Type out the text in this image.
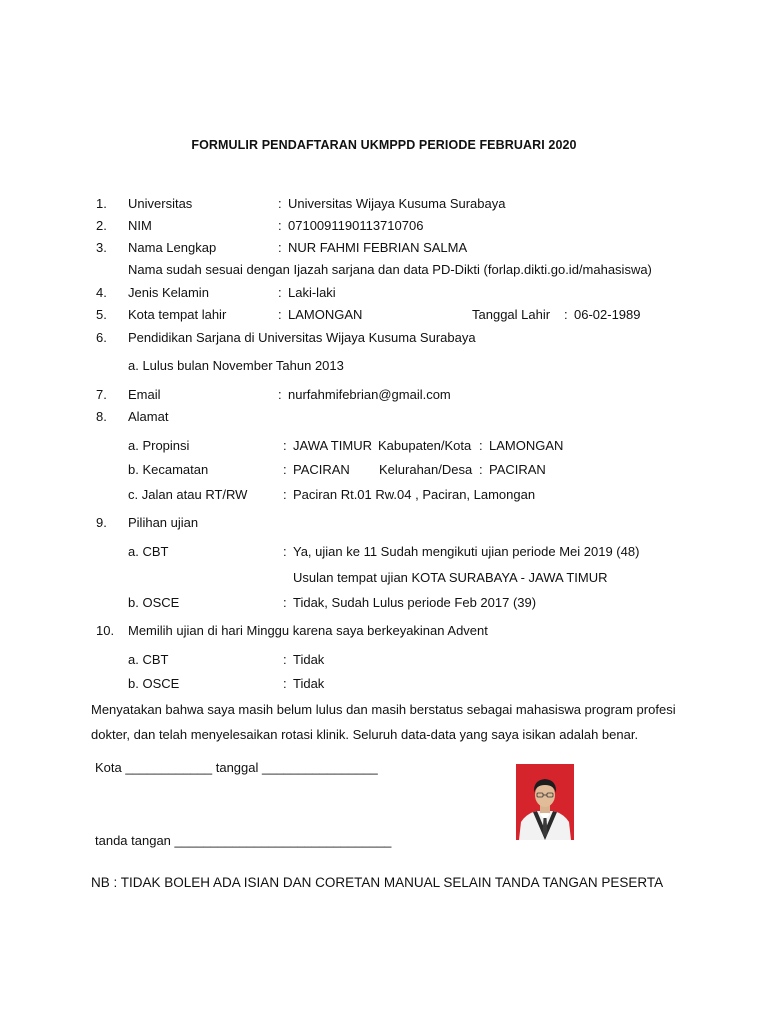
FORMULIR PENDAFTARAN UKMPPD PERIODE FEBRUARI 2020
1. Universitas	: Universitas Wijaya Kusuma Surabaya
2. NIM	: 0710091190113710706
3. Nama Lengkap	: NUR FAHMI FEBRIAN SALMA
Nama sudah sesuai dengan Ijazah sarjana dan data PD-Dikti (forlap.dikti.go.id/mahasiswa)
4. Jenis Kelamin	: Laki-laki
5. Kota tempat lahir	: LAMONGAN	Tanggal Lahir : 06-02-1989
6. Pendidikan Sarjana di Universitas Wijaya Kusuma Surabaya
a. Lulus bulan November Tahun 2013
7. Email	: nurfahmifebrian@gmail.com
8. Alamat
a. Propinsi	: JAWA TIMUR Kabupaten/Kota : LAMONGAN
b. Kecamatan	: PACIRAN Kelurahan/Desa : PACIRAN
c. Jalan atau RT/RW	: Paciran Rt.01 Rw.04 , Paciran, Lamongan
9. Pilihan ujian
a. CBT	: Ya, ujian ke 11 Sudah mengikuti ujian periode Mei 2019 (48)
Usulan tempat ujian KOTA SURABAYA - JAWA TIMUR
b. OSCE	: Tidak, Sudah Lulus periode Feb 2017 (39)
10. Memilih ujian di hari Minggu karena saya berkeyakinan Advent
a. CBT	: Tidak
b. OSCE	: Tidak
Menyatakan bahwa saya masih belum lulus dan masih berstatus sebagai mahasiswa program profesi
dokter, dan telah menyelesaikan rotasi klinik. Seluruh data-data yang saya isikan adalah benar.
Kota ____________ tanggal ________________
tanda tangan ______________________________
NB : TIDAK BOLEH ADA ISIAN DAN CORETAN MANUAL SELAIN TANDA TANGAN PESERTA
